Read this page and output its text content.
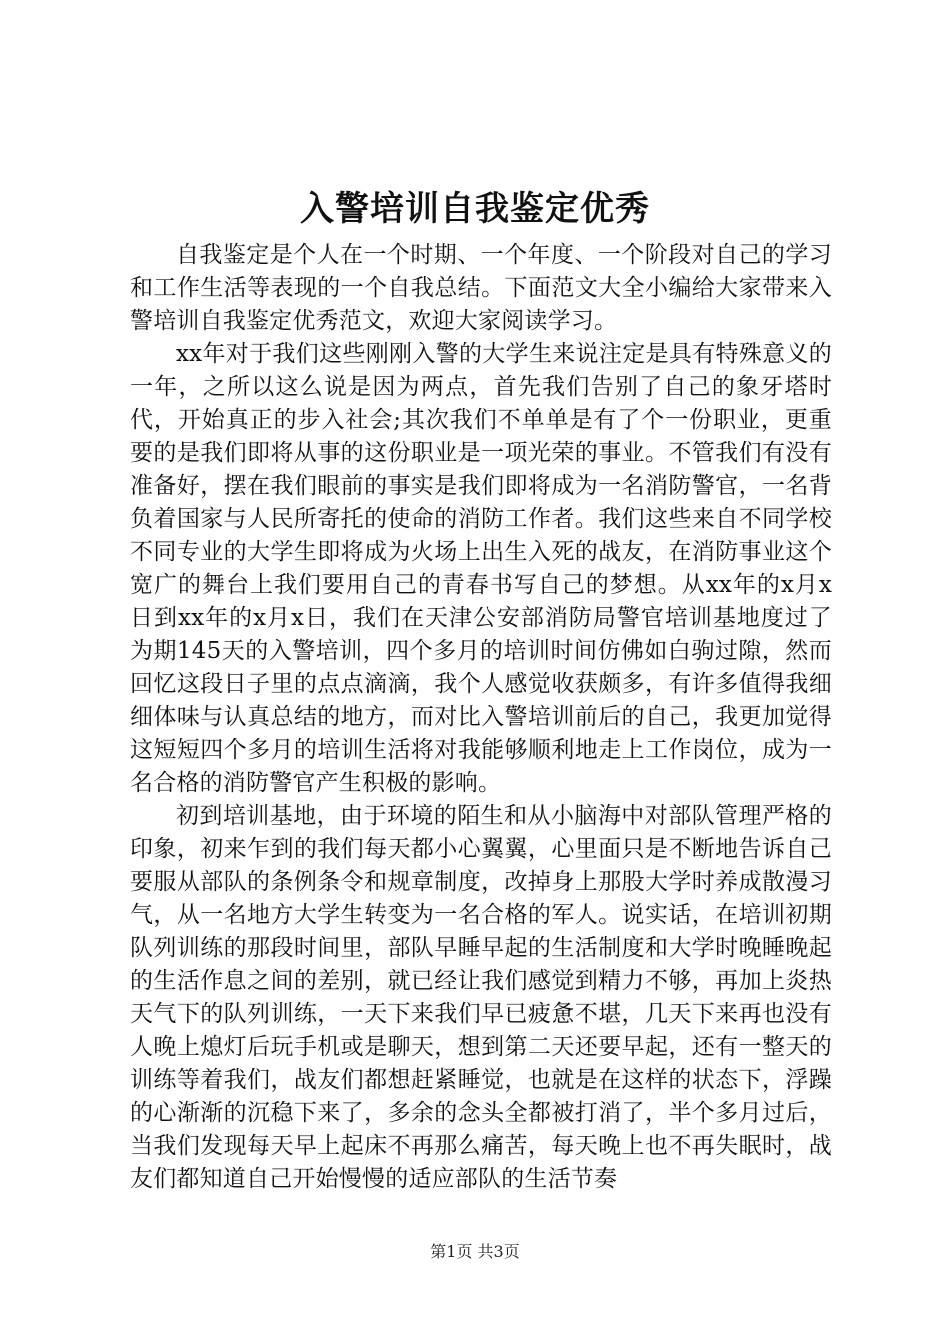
入警培训自我鉴定优秀

自我鉴定是个人在一个时期、一个年度、一个阶段对自己的学习和工作生活等表现的一个自我总结。下面范文大全小编给大家带来入警培训自我鉴定优秀范文，欢迎大家阅读学习。

xx年对于我们这些刚刚入警的大学生来说注定是具有特殊意义的一年，之所以这么说是因为两点，首先我们告别了自己的象牙塔时代，开始真正的步入社会;其次我们不单单是有了个一份职业，更重要的是我们即将从事的这份职业是一项光荣的事业。不管我们有没有准备好，摆在我们眼前的事实是我们即将成为一名消防警官，一名背负着国家与人民所寄托的使命的消防工作者。我们这些来自不同学校不同专业的大学生即将成为火场上出生入死的战友，在消防事业这个宽广的舞台上我们要用自己的青春书写自己的梦想。从xx年的x月x日到xx年的x月x日，我们在天津公安部消防局警官培训基地度过了为期145天的入警培训，四个多月的培训时间仿佛如白驹过隙，然而回忆这段日子里的点点滴滴，我个人感觉收获颇多，有许多值得我细细体味与认真总结的地方，而对比入警培训前后的自己，我更加觉得这短短四个多月的培训生活将对我能够顺利地走上工作岗位，成为一名合格的消防警官产生积极的影响。

初到培训基地，由于环境的陌生和从小脑海中对部队管理严格的印象，初来乍到的我们每天都小心翼翼，心里面只是不断地告诉自己要服从部队的条例条令和规章制度，改掉身上那股大学时养成散漫习气，从一名地方大学生转变为一名合格的军人。说实话，在培训初期队列训练的那段时间里，部队早睡早起的生活制度和大学时晚睡晚起的生活作息之间的差别，就已经让我们感觉到精力不够，再加上炎热天气下的队列训练，一天下来我们早已疲惫不堪，几天下来再也没有人晚上熄灯后玩手机或是聊天，想到第二天还要早起，还有一整天的训练等着我们，战友们都想赶紧睡觉，也就是在这样的状态下，浮躁的心渐渐的沉稳下来了，多余的念头全都被打消了，半个多月过后，当我们发现每天早上起床不再那么痛苦，每天晚上也不再失眠时，战友们都知道自己开始慢慢的适应部队的生活节奏

第1页 共3页
